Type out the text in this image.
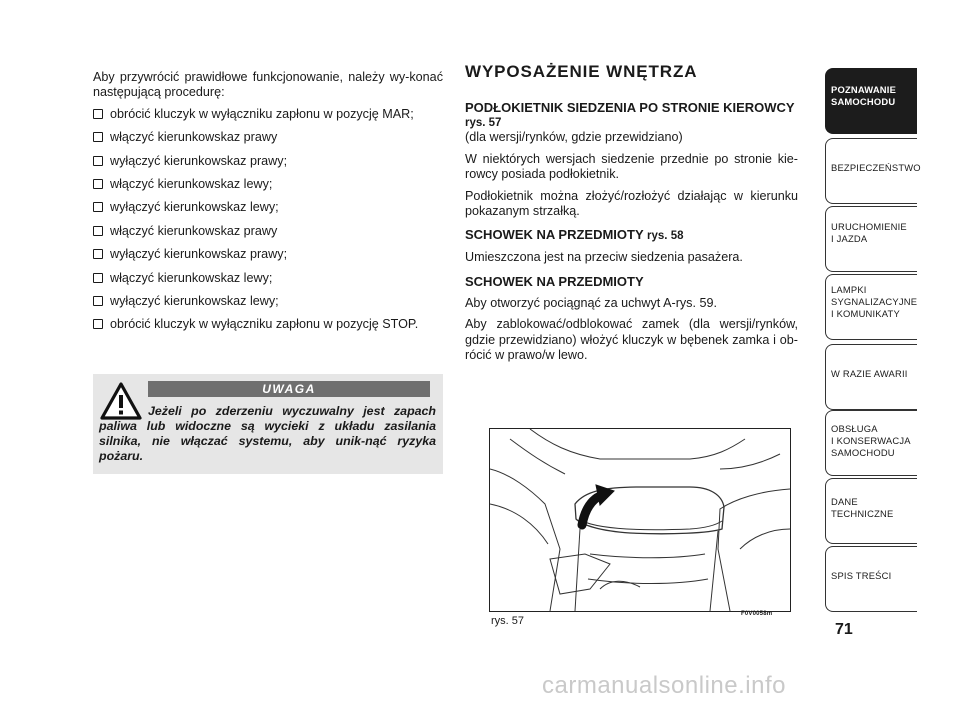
Aby przywrócić prawidłowe funkcjonowanie, należy wy-konać następującą procedurę:

obrócić kluczyk w wyłączniku zapłonu w pozycję MAR;
włączyć kierunkowskaz prawy
wyłączyć kierunkowskaz prawy;
włączyć kierunkowskaz lewy;
wyłączyć kierunkowskaz lewy;
włączyć kierunkowskaz prawy
wyłączyć kierunkowskaz prawy;
włączyć kierunkowskaz lewy;
wyłączyć kierunkowskaz lewy;
obrócić kluczyk w wyłączniku zapłonu w pozycję STOP.
UWAGA
Jeżeli po zderzeniu wyczuwalny jest zapach paliwa lub widoczne są wycieki z układu zasilania silnika, nie włączać systemu, aby unik-nąć ryzyka pożaru.
WYPOSAŻENIE WNĘTRZA

PODŁOKIETNIK SIEDZENIA PO STRONIE KIEROWCY rys. 57

(dla wersji/rynków, gdzie przewidziano)

W niektórych wersjach siedzenie przednie po stronie kie-rowcy posiada podłokietnik.

Podłokietnik można złożyć/rozłożyć działając w kierunku pokazanym strzałką.

SCHOWEK NA PRZEDMIOTY rys. 58

Umieszczona jest na przeciw siedzenia pasażera.

SCHOWEK NA PRZEDMIOTY

Aby otworzyć pociągnąć za uchwyt A-rys. 59.

Aby zablokować/odblokować zamek (dla wersji/rynków, gdzie przewidziano) włożyć kluczyk w bębenek zamka i ob-rócić w prawo/w lewo.

rys. 57
F0V0058m
POZNAWANIE
SAMOCHODU
BEZPIECZEŃSTWO
URUCHOMIENIE
I JAZDA
LAMPKI
SYGNALIZACYJNE
I KOMUNIKATY
W RAZIE AWARII
OBSŁUGA
I KONSERWACJA
SAMOCHODU
DANE
TECHNICZNE
SPIS TREŚCI
71
carmanualsonline.info
